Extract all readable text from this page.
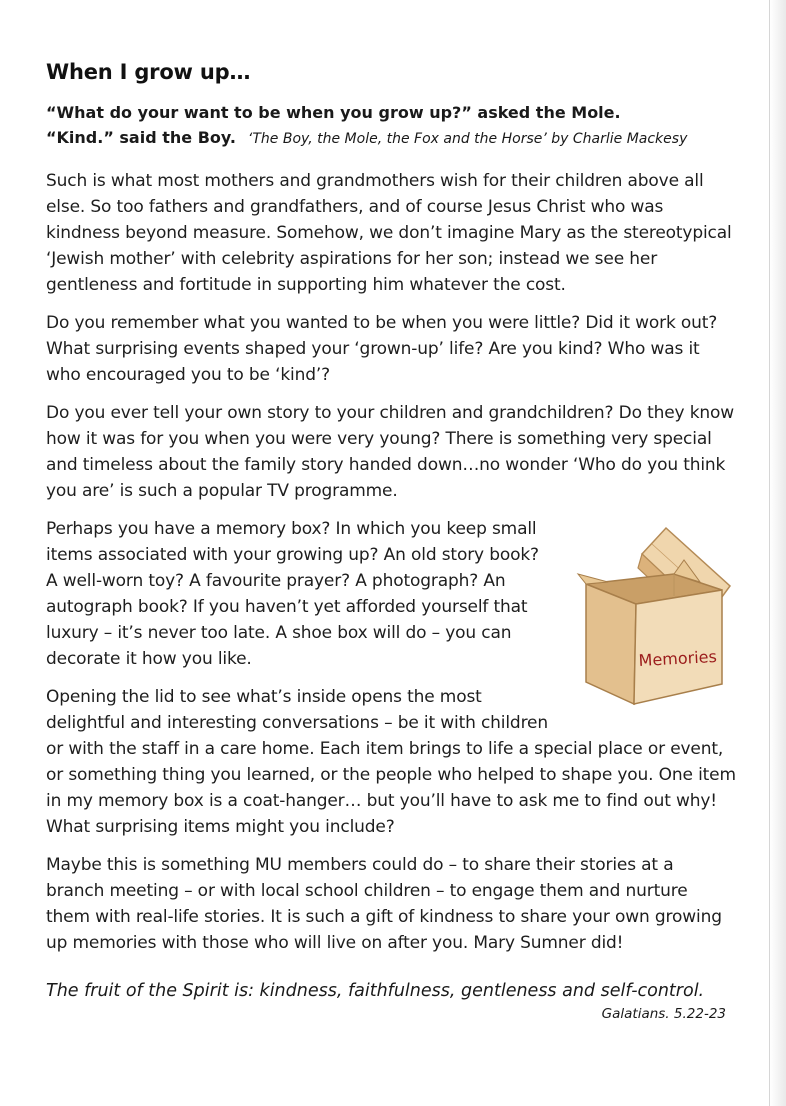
When I grow up…
“What do your want to be when you grow up?” asked the Mole.
“Kind.” said the Boy. ‘The Boy, the Mole, the Fox and the Horse’ by Charlie Mackesy

Such is what most mothers and grandmothers wish for their children above all else. So too fathers and grandfathers, and of course Jesus Christ who was kindness beyond measure. Somehow, we don’t imagine Mary as the stereotypical ‘Jewish mother’ with celebrity aspirations for her son; instead we see her gentleness and fortitude in supporting him whatever the cost.

Do you remember what you wanted to be when you were little? Did it work out? What surprising events shaped your ‘grown-up’ life? Are you kind? Who was it who encouraged you to be ‘kind’?

Do you ever tell your own story to your children and grandchildren? Do they know how it was for you when you were very young? There is something very special and timeless about the family story handed down…no wonder ‘Who do you think you are’ is such a popular TV programme.

Memories

Perhaps you have a memory box? In which you keep small items associated with your growing up? An old story book? A well-worn toy? A favourite prayer? A photograph? An autograph book? If you haven’t yet afforded yourself that luxury – it’s never too late. A shoe box will do – you can decorate it how you like.

Opening the lid to see what’s inside opens the most delightful and interesting conversations – be it with children or with the staff in a care home. Each item brings to life a special place or event, or something thing you learned, or the people who helped to shape you. One item in my memory box is a coat-hanger… but you’ll have to ask me to find out why! What surprising items might you include?

Maybe this is something MU members could do – to share their stories at a branch meeting – or with local school children – to engage them and nurture them with real-life stories. It is such a gift of kindness to share your own growing up memories with those who will live on after you. Mary Sumner did!

The fruit of the Spirit is: kindness, faithfulness, gentleness and self-control.
Galatians. 5.22-23
